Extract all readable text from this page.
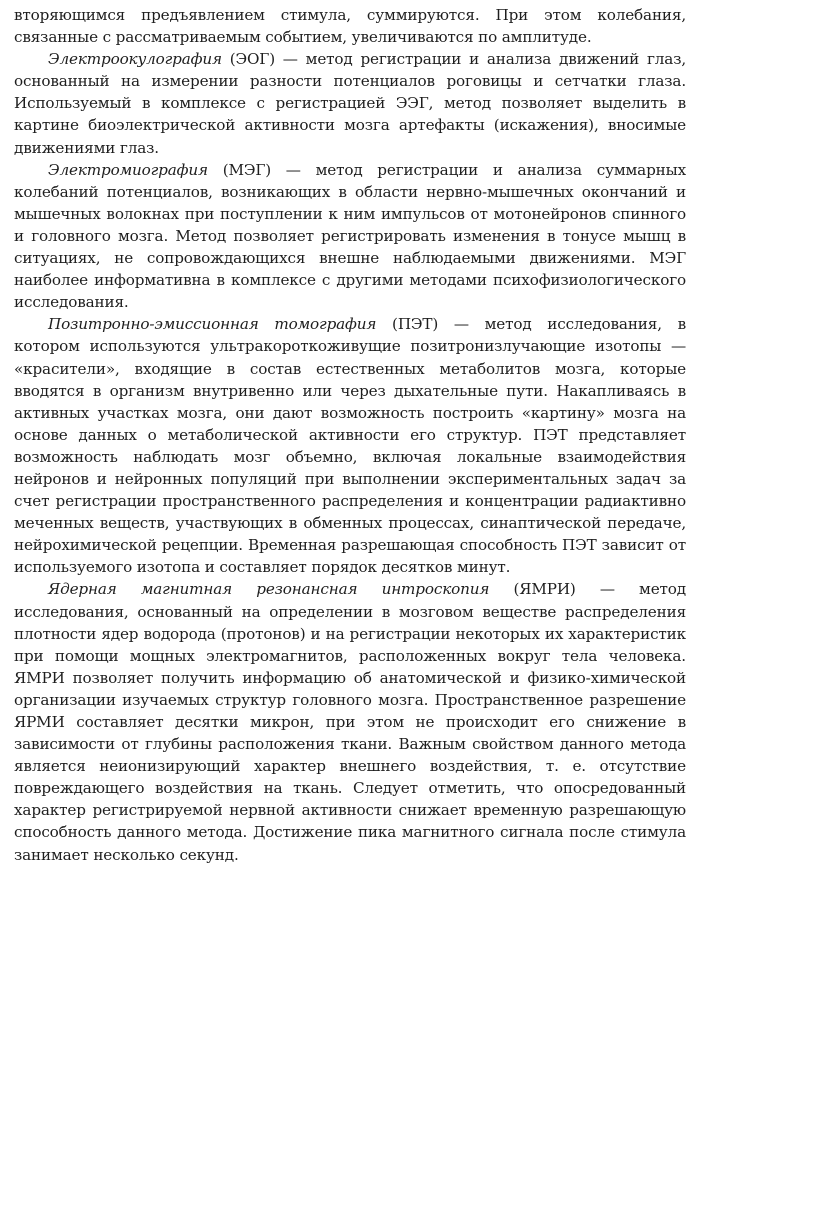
вторяющимся предъявлением стимула, суммируются. При этом колебания, связанные с рассматриваемым событием, увеличиваются по амплитуде.

Электроокулография (ЭОГ) — метод регистрации и анализа движений глаз, основанный на измерении разности потенциалов роговицы и сетчатки глаза. Используемый в комплексе с регистрацией ЭЭГ, метод позволяет выделить в картине биоэлектрической активности мозга артефакты (искажения), вносимые движениями глаз.

Электромиография (МЭГ) — метод регистрации и анализа суммарных колебаний потенциалов, возникающих в области нервно-мышечных окончаний и мышечных волокнах при поступлении к ним импульсов от мотонейронов спинного и головного мозга. Метод позволяет регистрировать изменения в тонусе мышц в ситуациях, не сопровождающихся внешне наблюдаемыми движениями. МЭГ наиболее информативна в комплексе с другими методами психофизиологического исследования.

Позитронно-эмиссионная томография (ПЭТ) — метод исследования, в котором используются ультракороткоживущие позитронизлучающие изотопы — «красители», входящие в состав естественных метаболитов мозга, которые вводятся в организм внутривенно или через дыхательные пути. Накапливаясь в активных участках мозга, они дают возможность построить «картину» мозга на основе данных о метаболической активности его структур. ПЭТ представляет возможность наблюдать мозг объемно, включая локальные взаимодействия нейронов и нейронных популяций при выполнении экспериментальных задач за счет регистрации пространственного распределения и концентрации радиактивно меченных веществ, участвующих в обменных процессах, синаптической передаче, нейрохимической рецепции. Временная разрешающая способность ПЭТ зависит от используемого изотопа и составляет порядок десятков минут.

Ядерная магнитная резонансная интроскопия (ЯМРИ) — метод исследования, основанный на определении в мозговом веществе распределения плотности ядер водорода (протонов) и на регистрации некоторых их характеристик при помощи мощных электромагнитов, расположенных вокруг тела человека. ЯМРИ позволяет получить информацию об анатомической и физико-химической организации изучаемых структур головного мозга. Пространственное разрешение ЯРМИ составляет десятки микрон, при этом не происходит его снижение в зависимости от глубины расположения ткани. Важным свойством данного метода является неионизирующий характер внешнего воздействия, т. е. отсутствие повреждающего воздействия на ткань. Следует отметить, что опосредованный характер регистрируемой нервной активности снижает временную разрешающую способность данного метода. Достижение пика магнитного сигнала после стимула занимает несколько секунд.
